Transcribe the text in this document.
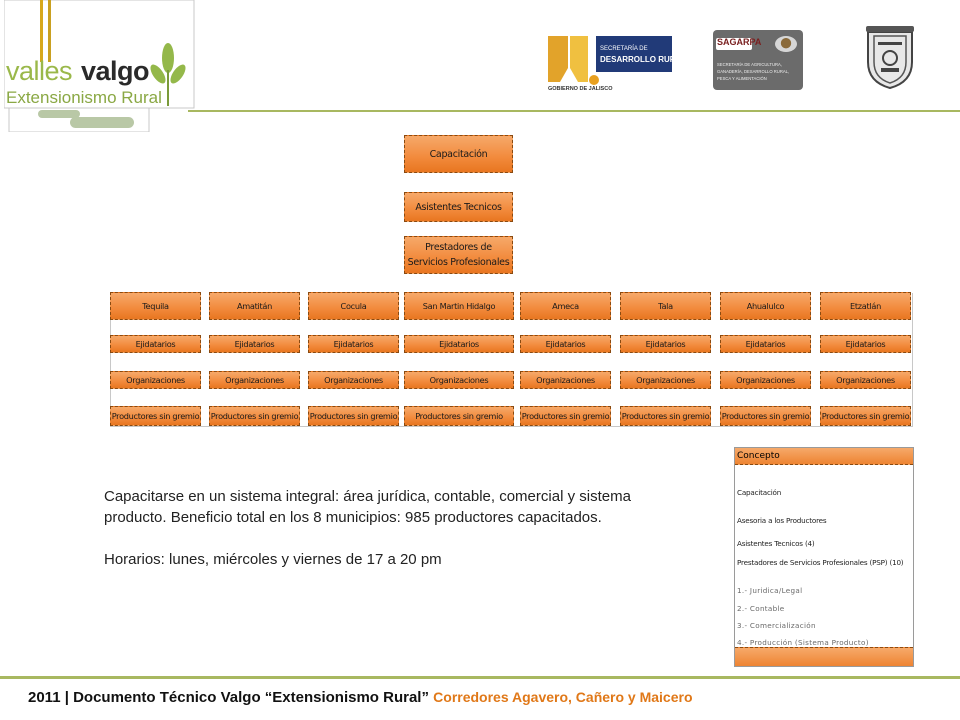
valles valgo
Extensionismo Rural
SECRETARÍA DE
DESARROLLO RURAL
GOBIERNO DE JALISCO
SAGARPA
SECRETARÍA DE AGRICULTURA,
GANADERÍA, DESARROLLO RURAL,
PESCA Y ALIMENTACIÓN
Capacitación
Asistentes Tecnicos
Prestadores de Servicios Profesionales
Tequila
Ejidatarios
Organizaciones
Productores sin gremio
Amatitán
Ejidatarios
Organizaciones
Productores sin gremio
Cocula
Ejidatarios
Organizaciones
Productores sin gremio
San Martin Hidalgo
Ejidatarios
Organizaciones
Productores sin gremio
Ameca
Ejidatarios
Organizaciones
Productores sin gremio
Tala
Ejidatarios
Organizaciones
Productores sin gremio
Ahualulco
Ejidatarios
Organizaciones
Productores sin gremio
Etzatlán
Ejidatarios
Organizaciones
Productores sin gremio

Capacitarse en un sistema integral: área jurídica, contable, comercial y sistema producto. Beneficio total en los 8 municipios: 985 productores capacitados.

Horarios: lunes, miércoles y viernes de 17 a 20 pm

Concepto
Capacitación
Asesoria a los Productores
Asistentes Tecnicos (4)
Prestadores de Servicios Profesionales (PSP) (10)
1.- Juridica/Legal
2.- Contable
3.- Comercialización
4.- Producción (Sistema Producto)
2011 | Documento Técnico Valgo “Extensionismo Rural” Corredores Agavero, Cañero y Maicero
